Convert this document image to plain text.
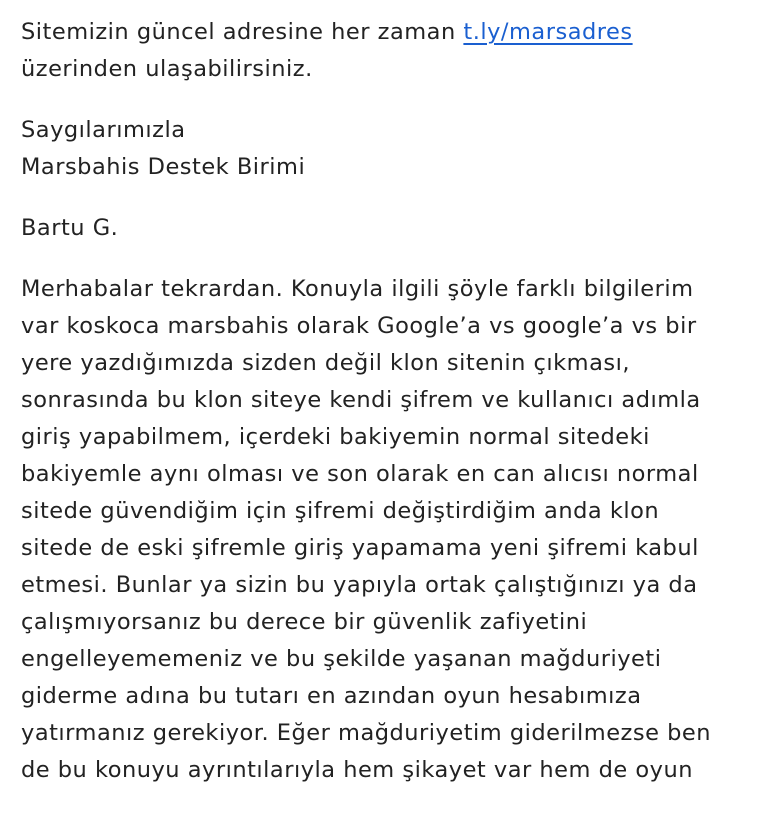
Sitemizin güncel adresine her zaman t.ly/marsadres
üzerinden ulaşabilirsiniz.
Saygılarımızla
Marsbahis Destek Birimi
Bartu G.
Merhabalar tekrardan. Konuyla ilgili şöyle farklı bilgilerim
var koskoca marsbahis olarak Google’a vs google’a vs bir
yere yazdığımızda sizden değil klon sitenin çıkması,
sonrasında bu klon siteye kendi şifrem ve kullanıcı adımla
giriş yapabilmem, içerdeki bakiyemin normal sitedeki
bakiyemle aynı olması ve son olarak en can alıcısı normal
sitede güvendiğim için şifremi değiştirdiğim anda klon
sitede de eski şifremle giriş yapamama yeni şifremi kabul
etmesi. Bunlar ya sizin bu yapıyla ortak çalıştığınızı ya da
çalışmıyorsanız bu derece bir güvenlik zafiyetini
engelleyememeniz ve bu şekilde yaşanan mağduriyeti
giderme adına bu tutarı en azından oyun hesabımıza
yatırmanız gerekiyor. Eğer mağduriyetim giderilmezse ben
de bu konuyu ayrıntılarıyla hem şikayet var hem de oyun
